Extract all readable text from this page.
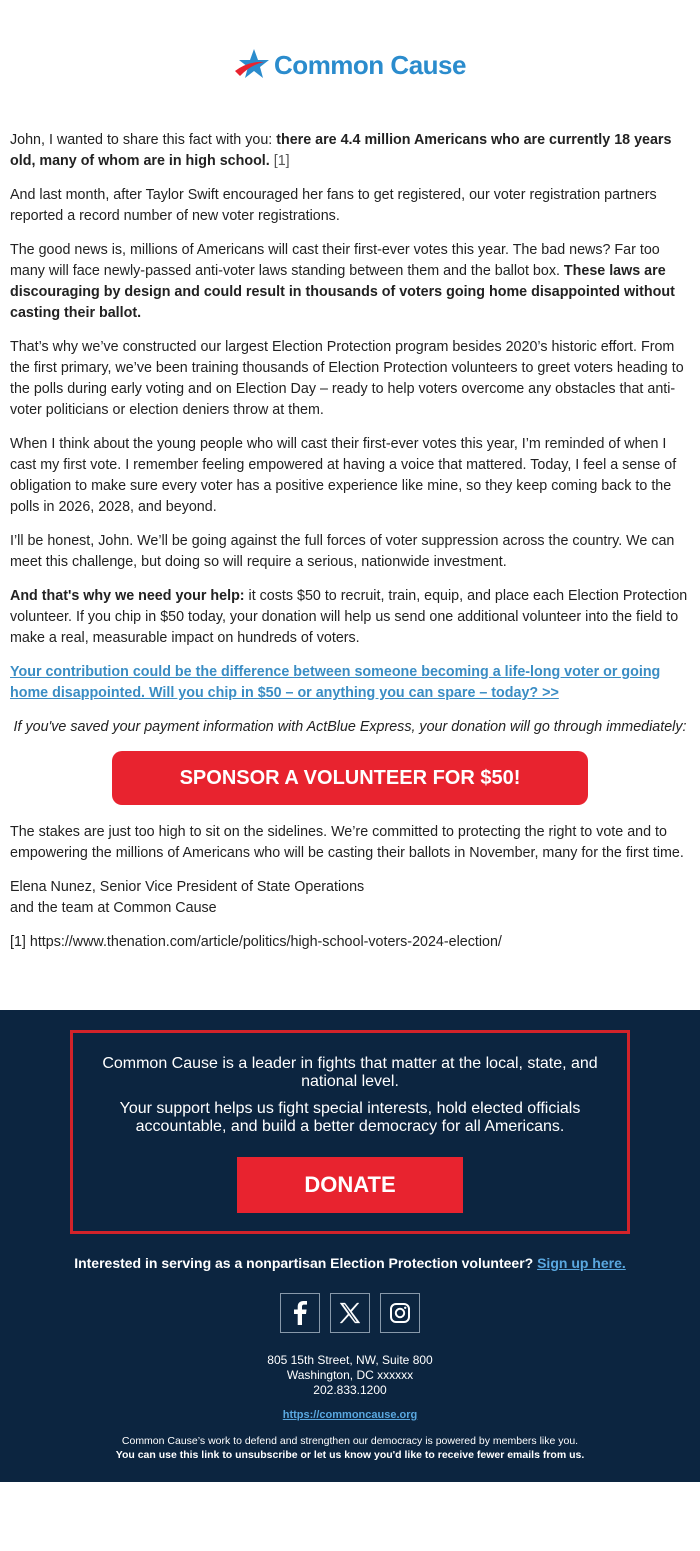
Common Cause

John, I wanted to share this fact with you: there are 4.4 million Americans who are currently 18 years old, many of whom are in high school. [1]

And last month, after Taylor Swift encouraged her fans to get registered, our voter registration partners reported a record number of new voter registrations.

The good news is, millions of Americans will cast their first-ever votes this year. The bad news? Far too many will face newly-passed anti-voter laws standing between them and the ballot box. These laws are discouraging by design and could result in thousands of voters going home disappointed without casting their ballot.

That’s why we’ve constructed our largest Election Protection program besides 2020’s historic effort. From the first primary, we’ve been training thousands of Election Protection volunteers to greet voters heading to the polls during early voting and on Election Day – ready to help voters overcome any obstacles that anti-voter politicians or election deniers throw at them.

When I think about the young people who will cast their first-ever votes this year, I’m reminded of when I cast my first vote. I remember feeling empowered at having a voice that mattered. Today, I feel a sense of obligation to make sure every voter has a positive experience like mine, so they keep coming back to the polls in 2026, 2028, and beyond.

I’ll be honest, John. We’ll be going against the full forces of voter suppression across the country. We can meet this challenge, but doing so will require a serious, nationwide investment.

And that's why we need your help: it costs $50 to recruit, train, equip, and place each Election Protection volunteer. If you chip in $50 today, your donation will help us send one additional volunteer into the field to make a real, measurable impact on hundreds of voters.

Your contribution could be the difference between someone becoming a life-long voter or going home disappointed. Will you chip in $50 – or anything you can spare – today? >>

If you've saved your payment information with ActBlue Express, your donation will go through immediately:

SPONSOR A VOLUNTEER FOR $50!

The stakes are just too high to sit on the sidelines. We’re committed to protecting the right to vote and to empowering the millions of Americans who will be casting their ballots in November, many for the first time.

Elena Nunez, Senior Vice President of State Operations
and the team at Common Cause

[1] https://www.thenation.com/article/politics/high-school-voters-2024-election/

Common Cause is a leader in fights that matter at the local, state, and national level.

Your support helps us fight special interests, hold elected officials accountable, and build a better democracy for all Americans.

DONATE
Interested in serving as a nonpartisan Election Protection volunteer? Sign up here.
805 15th Street, NW, Suite 800
Washington, DC xxxxxx
202.833.1200
https://commoncause.org
Common Cause’s work to defend and strengthen our democracy is powered by members like you.
You can use this link to unsubscribe or let us know you'd like to receive fewer emails from us.
